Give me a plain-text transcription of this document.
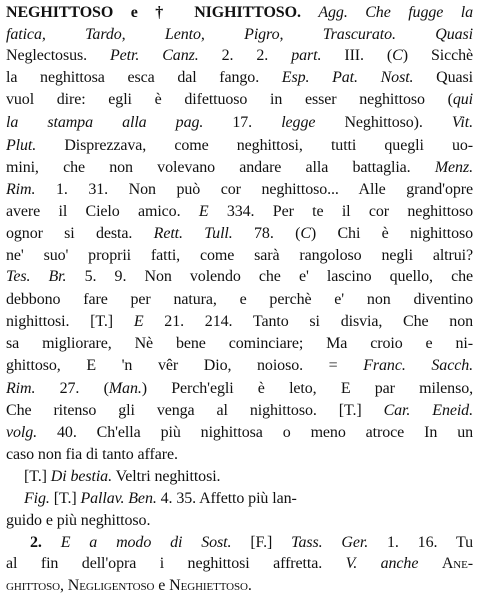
NEGHITTOSO e † NIGHITTOSO. Agg. Che fugge la
fatica, Tardo, Lento, Pigro, Trascurato. Quasi
Neglectosus. Petr. Canz. 2. 2. part. III. (C) Sicchè
la neghittosa esca dal fango. Esp. Pat. Nost. Quasi
vuol dire: egli è difettuoso in esser neghittoso (qui
la stampa alla pag. 17. legge Neghittoso). Vit.
Plut. Disprezzava, come neghittosi, tutti quegli uo-
mini, che non volevano andare alla battaglia. Menz.
Rim. 1. 31. Non può cor neghittoso... Alle grand'opre
avere il Cielo amico. E 334. Per te il cor neghittoso
ognor si desta. Rett. Tull. 78. (C) Chi è nighittoso
ne' suo' proprii fatti, come sarà rangoloso negli altrui?
Tes. Br. 5. 9. Non volendo che e' lascino quello, che
debbono fare per natura, e perchè e' non diventino
nighittosi. [T.] E 21. 214. Tanto si disvia, Che non
sa migliorare, Nè bene cominciare; Ma croio e ni-
ghittoso, E 'n vêr Dio, noioso. = Franc. Sacch.
Rim. 27. (Man.) Perch'egli è leto, E par milenso,
Che ritenso gli venga al nighittoso. [T.] Car. Eneid.
volg. 40. Ch'ella più nighittosa o meno atroce In un
caso non fia di tanto affare.
[T.] Di bestia. Veltri neghittosi.
Fig. [T.] Pallav. Ben. 4. 35. Affetto più lan-
guido e più neghittoso.
2. E a modo di Sost. [F.] Tass. Ger. 1. 16. Tu
al fin dell'opra i neghittosi affretta. V. anche Ane-
ghittoso, Negligentoso e Neghiettoso.
